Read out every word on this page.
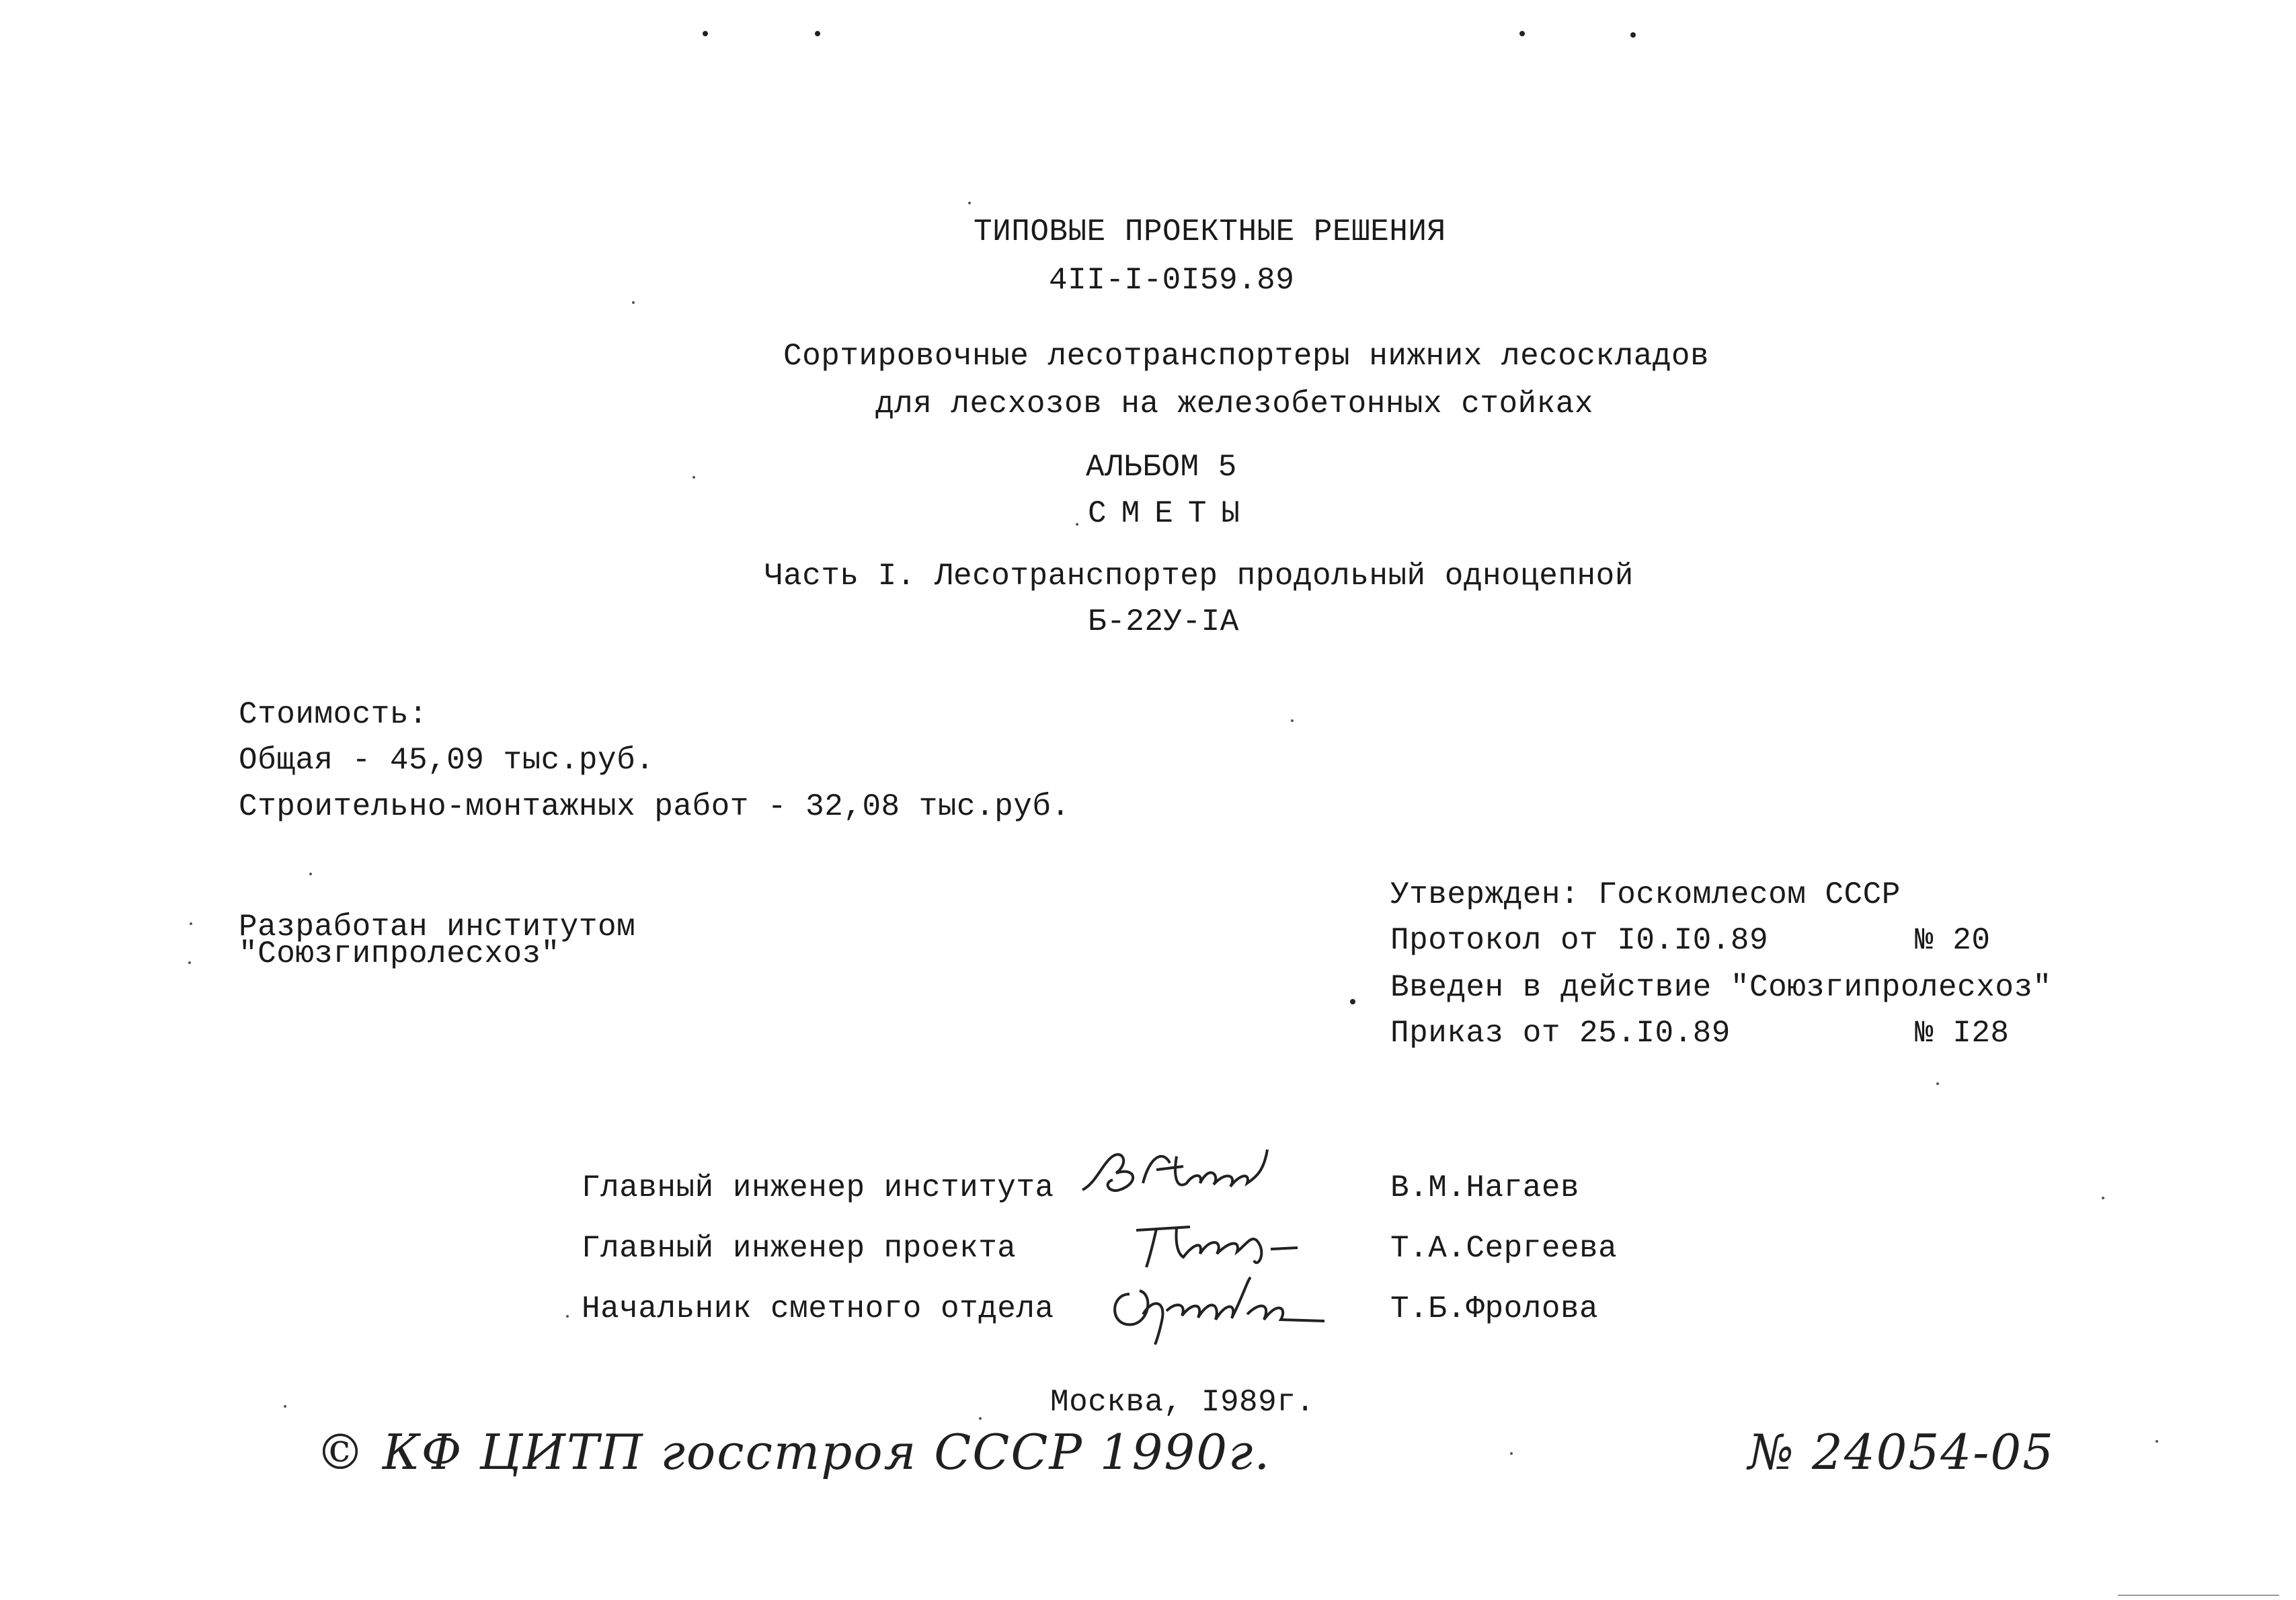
ТИПОВЫЕ ПРОЕКТНЫЕ РЕШЕНИЯ
4II-I-0I59.89
Сортировочные лесотранспортеры нижних лесоскладов
для лесхозов на железобетонных стойках
АЛЬБОМ 5
СМЕТЫ
Часть I. Лесотранспортер продольный одноцепной
Б-22У-IА
Стоимость:
Общая - 45,09 тыс.руб.
Строительно-монтажных работ - 32,08 тыс.руб.
Разработан институтом
"Союзгипролесхоз"
Утвержден: Госкомлесом СССР
Протокол от I0.I0.89	№ 20
Введен в действие "Союзгипролесхоз"
Приказ от 25.I0.89	№ I28
Главный инженер института	В.М.Нагаев
Главный инженер проекта	Т.А.Сергеева
Начальник сметного отдела	Т.Б.Фролова
Москва, I989г.
© КФ ЦИТП госстроя СССР 1990г.	№ 24054-05
